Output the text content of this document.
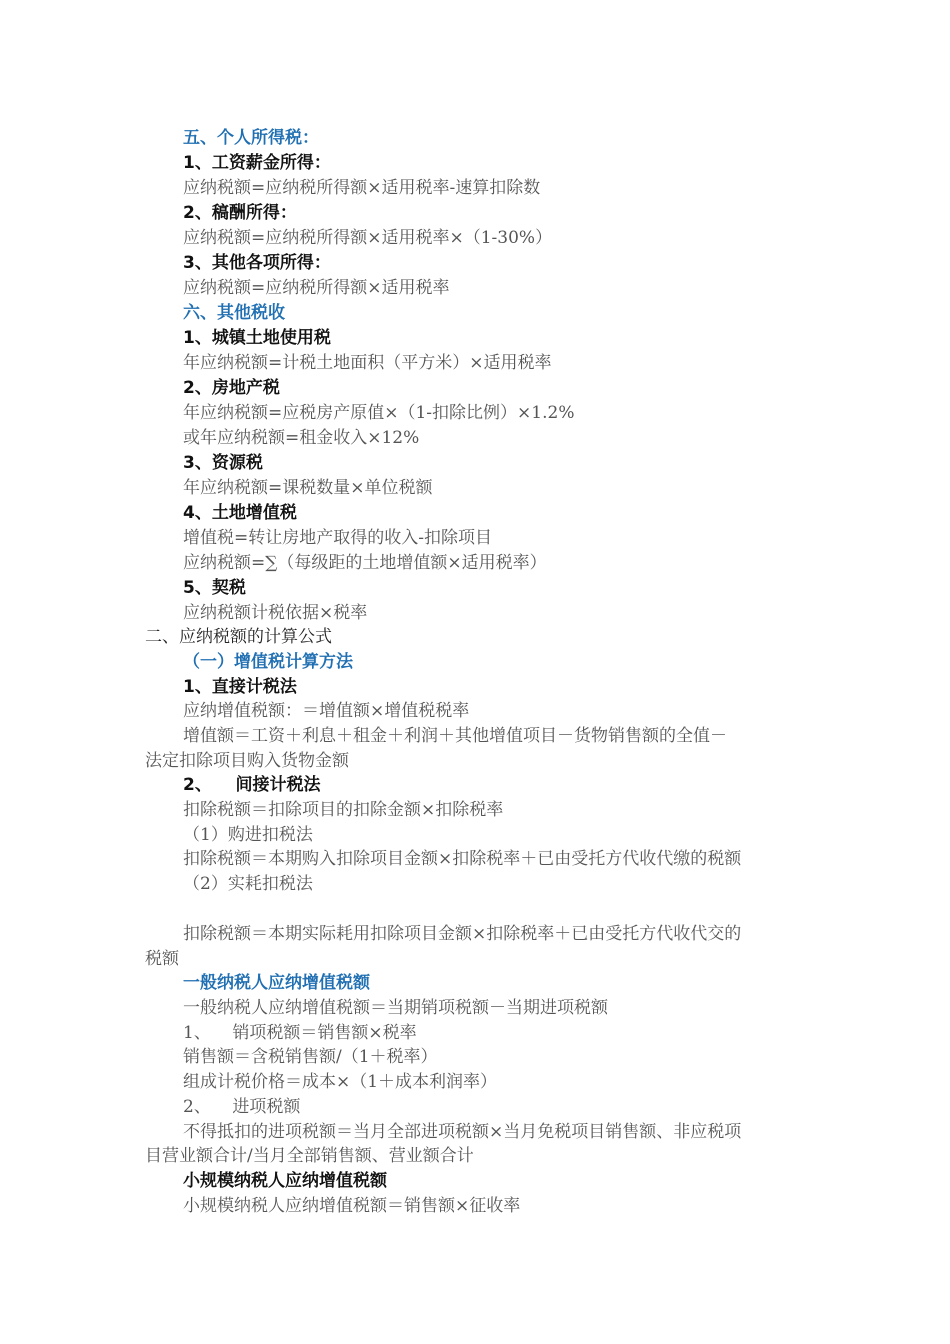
五、个人所得税：
1、工资薪金所得：
应纳税额=应纳税所得额×适用税率-速算扣除数
2、稿酬所得：
应纳税额=应纳税所得额×适用税率×（1-30%）
3、其他各项所得：
应纳税额=应纳税所得额×适用税率
六、其他税收
1、城镇土地使用税
年应纳税额=计税土地面积（平方米）×适用税率
2、房地产税
年应纳税额=应税房产原值×（1-扣除比例）×1.2%
或年应纳税额=租金收入×12%
3、资源税
年应纳税额=课税数量×单位税额
4、土地增值税
增值税=转让房地产取得的收入-扣除项目
应纳税额=∑（每级距的土地增值额×适用税率）
5、契税
应纳税额计税依据×税率
二、应纳税额的计算公式
（一）增值税计算方法
1、直接计税法
应纳增值税额：＝增值额×增值税税率
增值额＝工资＋利息＋租金＋利润＋其他增值项目－货物销售额的全值－
法定扣除项目购入货物金额
2、    间接计税法
扣除税额＝扣除项目的扣除金额×扣除税率
（1）购进扣税法
扣除税额＝本期购入扣除项目金额×扣除税率＋已由受托方代收代缴的税额
（2）实耗扣税法
扣除税额＝本期实际耗用扣除项目金额×扣除税率＋已由受托方代收代交的
税额
一般纳税人应纳增值税额
一般纳税人应纳增值税额＝当期销项税额－当期进项税额
1、    销项税额＝销售额×税率
销售额＝含税销售额/（1＋税率）
组成计税价格＝成本×（1＋成本利润率）
2、    进项税额
不得抵扣的进项税额＝当月全部进项税额×当月免税项目销售额、非应税项
目营业额合计/当月全部销售额、营业额合计
小规模纳税人应纳增值税额
小规模纳税人应纳增值税额＝销售额×征收率
